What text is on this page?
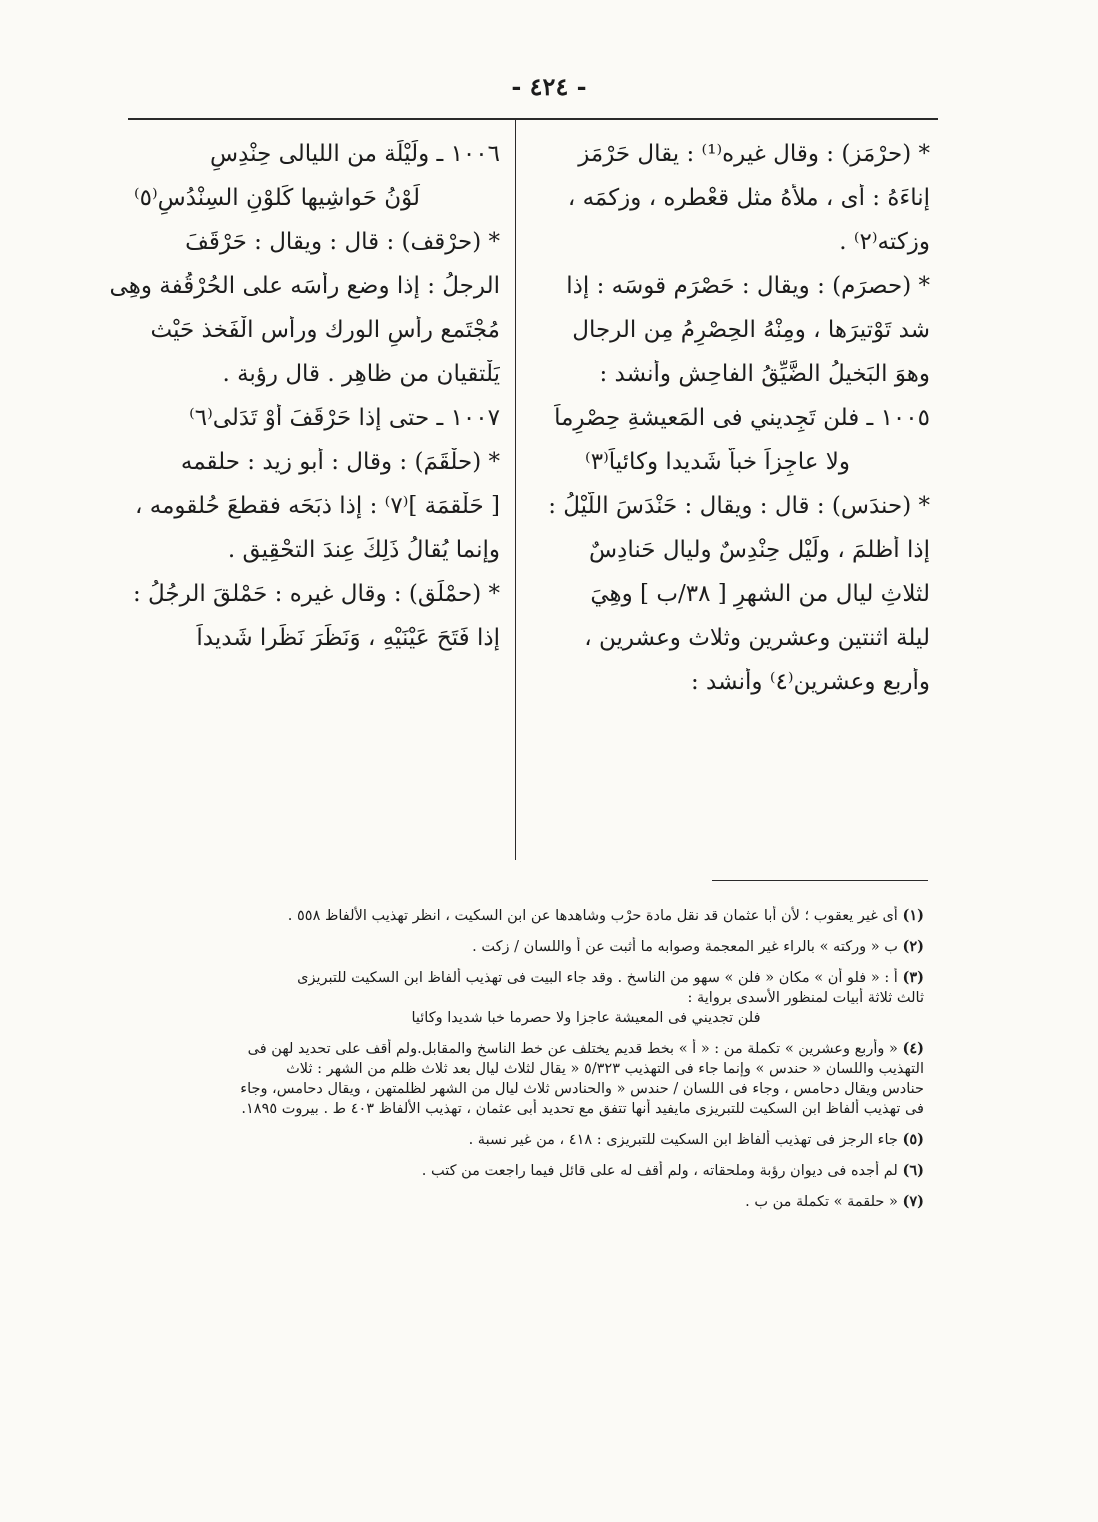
- ٤٢٤ -
* (حرْمَز) : وقال غيره⁽¹⁾ : يقال حَرْمَز
إناءَهُ : أى ، ملأَهُ مثل قعْطره ، وزكمَه ،
وزكته⁽٢⁾ .
* (حصرَم) : ويقال : حَصْرَم قوسَه : إذا
شد تَوْتيرَها ، ومِنْهُ الحِصْرِمُ مِن الرجال
وهوَ البَخيلُ الضَّيِّقُ الفاحِش وأنشد :
١٠٠٥ ـ فلن تَجِديني فى المَعيشةِ حِصْرِماً
ولا عاجِزاً خباًّ شَديدا وكائياً⁽٣⁾
* (حندَس) : قال : ويقال : حَنْدَسَ اللَّيْلُ :
إذا أظلمَ ، ولَيْل حِنْدِسٌ وليال حَنادِسٌ
لثلاثِ ليال من الشهرِ [ ٣٨/ب ] وهِيَ
ليلة اثنتين وعشرين وثلاث وعشرين ،
وأربع وعشرين⁽٤⁾ وأنشد :
١٠٠٦ ـ ولَيْلَة من الليالى حِنْدِسِ
لَوْنُ حَواشِيها كَلوْنِ السِنْدُسِ⁽٥⁾
* (حرْقف) : قال : ويقال : حَرْقَفَ
الرجلُ : إذا وضع رأسَه على الحُرْقُفة وهِى
مُجْتَمع رأسِ الورك ورأس الْفَخذ حَيْث
يَلْتقيان من ظاهِر . قال رؤبة .
١٠٠٧ ـ حتى إذا حَرْقَفَ أوْ تَدَلى⁽٦⁾
* (حلْقَمَ) : وقال : أبو زيد : حلقمه
[ حَلْقمَة ]⁽٧⁾ : إذا ذبَحَه فقطعَ حُلقومه ،
وإنما يُقالُ ذَلِكَ عِندَ التحْقِيق .
* (حمْلَق) : وقال غيره : حَمْلقَ الرجُلُ :
إذا فَتَحَ عَيْنَيْهِ ، وَنَظَرَ نَظَرا شَديداً
(١) أى غير يعقوب ؛ لأن أبا عثمان قد نقل مادة حرْب وشاهدها عن ابن السكيت ، انظر تهذيب الألفاظ ٥٥٨ .
(٢) ب « وركته » بالراء غير المعجمة وصوابه ما أثبت عن أ واللسان / زكت .
(٣) أ : « فلو أن » مكان « فلن » سهو من الناسخ . وقد جاء البيت فى تهذيب ألفاظ ابن السكيت للتبريزى
ثالث ثلاثة أبيات لمنظور الأسدى برواية :
فلن تجديني فى المعيشة عاجزا ولا حصرما خبا شديدا وكائيا
(٤) « وأربع وعشرين » تكملة من : « أ » بخط قديم يختلف عن خط الناسخ والمقابل.ولم أقف على تحديد لهن فى
التهذيب واللسان « حندس » وإنما جاء فى التهذيب ٥/٣٢٣ « يقال لثلاث ليال بعد ثلاث ظلم من الشهر : ثلاث
حنادس ويقال دحامس ، وجاء فى اللسان / حندس « والحنادس ثلاث ليال من الشهر لظلمتهن ، ويقال دحامس، وجاء
فى تهذيب ألفاظ ابن السكيت للتبريزى مايفيد أنها تتفق مع تحديد أبى عثمان ، تهذيب الألفاظ ٤٠٣ ط . بيروت ١٨٩٥.
(٥) جاء الرجز فى تهذيب ألفاظ ابن السكيت للتبريزى : ٤١٨ ، من غير نسبة .
(٦) لم أجده فى ديوان رؤبة وملحقاته ، ولم أقف له على قائل فيما راجعت من كتب .
(٧) « حلقمة » تكملة من ب .
